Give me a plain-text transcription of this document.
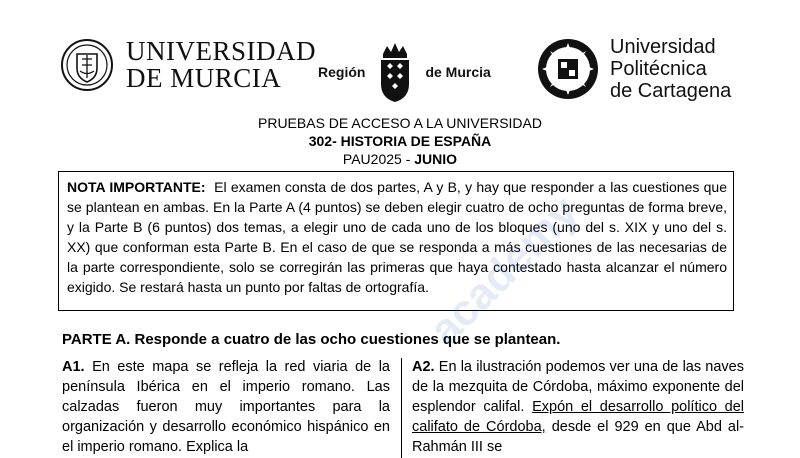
UNIVERSIDAD
DE MURCIA	Región	de Murcia
Universidad
Politécnica
de Cartagena
PRUEBAS DE ACCESO A LA UNIVERSIDAD
302- HISTORIA DE ESPAÑA
PAU2025 - JUNIO
NOTA IMPORTANTE: El examen consta de dos partes, A y B, y hay que responder a las cuestiones que se plantean en ambas. En la Parte A (4 puntos) se deben elegir cuatro de ocho preguntas de forma breve, y la Parte B (6 puntos) dos temas, a elegir uno de cada uno de los bloques (uno del s. XIX y uno del s. XX) que conforman esta Parte B. En el caso de que se responda a más cuestiones de las necesarias de la parte correspondiente, solo se corregirán las primeras que haya contestado hasta alcanzar el número exigido. Se restará hasta un punto por faltas de ortografía.
PARTE A. Responde a cuatro de las ocho cuestiones que se plantean.
A1. En este mapa se refleja la red viaria de la península Ibérica en el imperio romano. Las calzadas fueron muy importantes para la organización y desarrollo económico hispánico en el imperio romano. Explica la
A2. En la ilustración podemos ver una de las naves de la mezquita de Córdoba, máximo exponente del esplendor califal. Expón el desarrollo político del califato de Córdoba, desde el 929 en que Abd al-Rahmán III se
academy
